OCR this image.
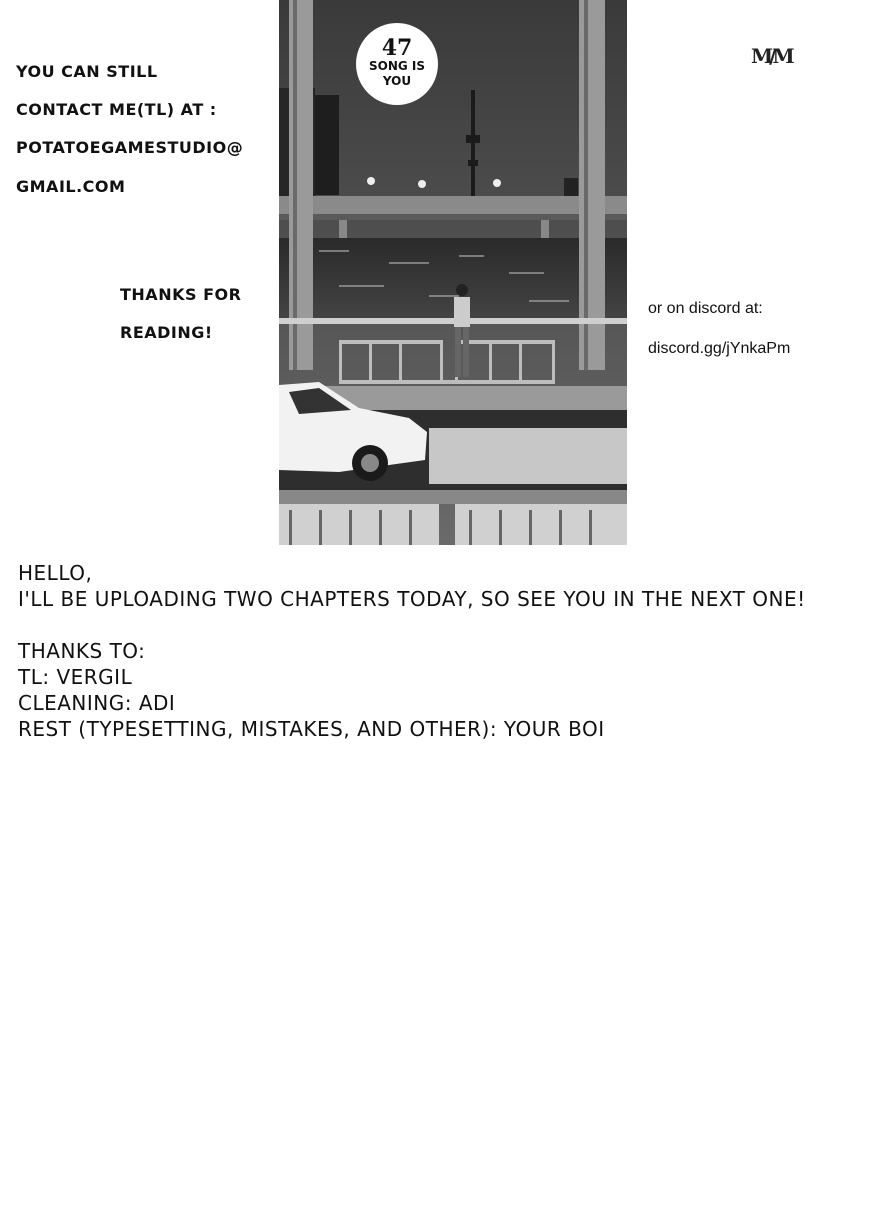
YOU CAN STILL
CONTACT ME(TL) AT :
POTATOEGAMESTUDIO@
GMAIL.COM
THANKS FOR
READING!
or on discord at:
discord.gg/jYnkaPm
M/M
47
SONG IS
YOU

HELLO,

I'LL BE UPLOADING TWO CHAPTERS TODAY, SO SEE YOU IN THE NEXT ONE!

THANKS TO:

TL: VERGIL

CLEANING: ADI

REST (TYPESETTING, MISTAKES, AND OTHER): YOUR BOI
